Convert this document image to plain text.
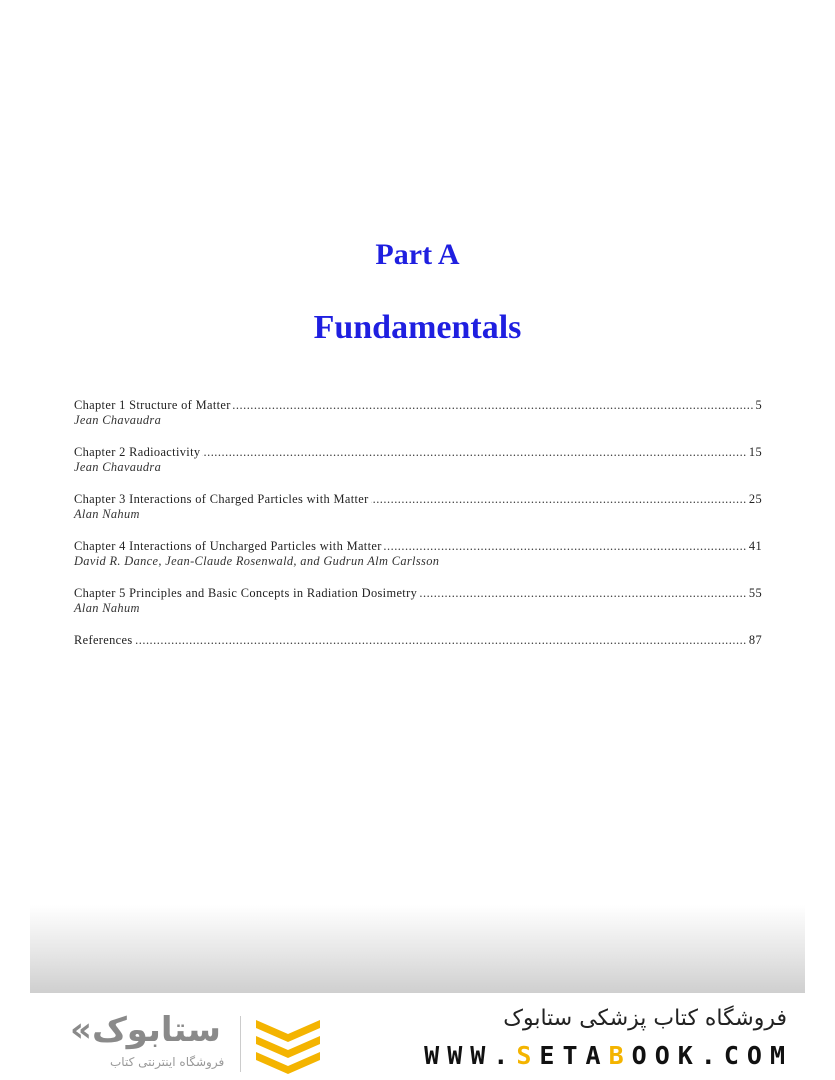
Part A
Fundamentals
.....
Chapter 1 Structure of Matter	5
Jean Chavaudra
.....
Chapter 2 Radioactivity	15
Jean Chavaudra
.....
Chapter 3 Interactions of Charged Particles with Matter	25
Alan Nahum
.....
Chapter 4 Interactions of Uncharged Particles with Matter	41
David R. Dance, Jean-Claude Rosenwald, and Gudrun Alm Carlsson
.....
Chapter 5 Principles and Basic Concepts in Radiation Dosimetry	55
Alan Nahum
.....
References	87
«ستابوک
فروشگاه اینترنتی کتاب
فروشگاه کتاب پزشکی ستابوک
WWW.SETABOOK.COM
